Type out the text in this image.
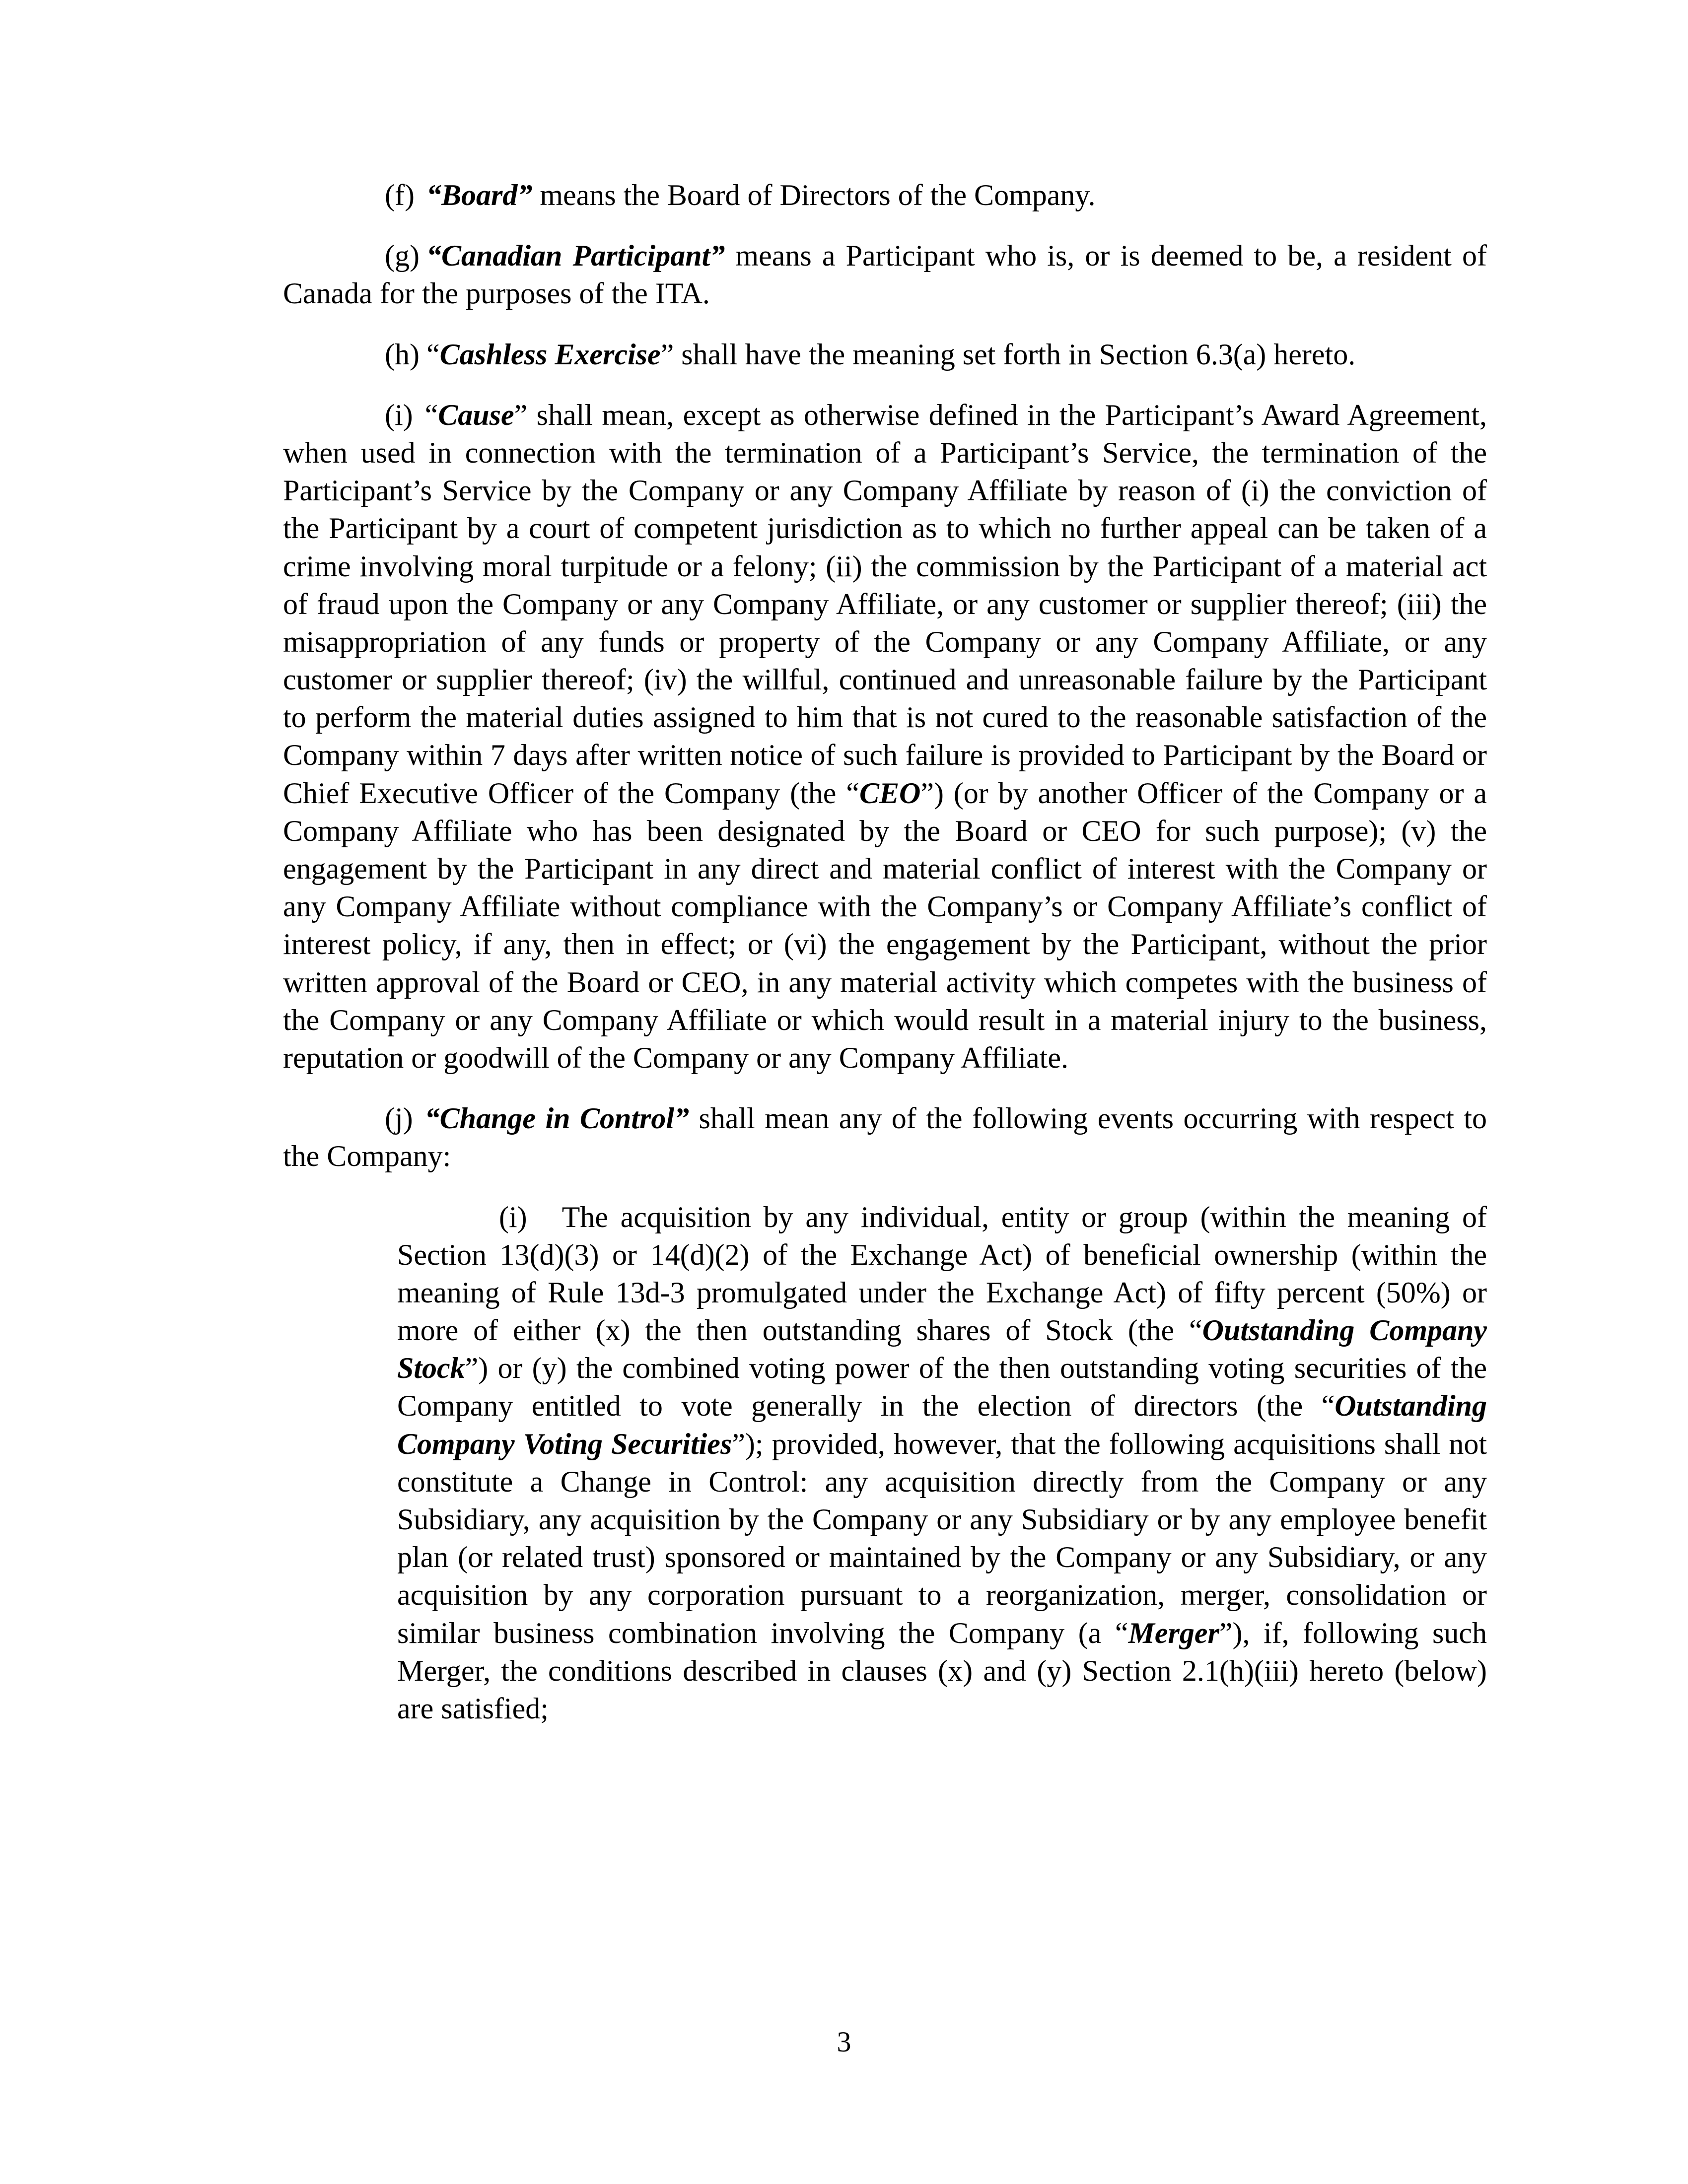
(f) “Board” means the Board of Directors of the Company.

(g) “Canadian Participant” means a Participant who is, or is deemed to be, a resident of Canada for the purposes of the ITA.

(h) “Cashless Exercise” shall have the meaning set forth in Section 6.3(a) hereto.

(i) “Cause” shall mean, except as otherwise defined in the Participant’s Award Agreement, when used in connection with the termination of a Participant’s Service, the termination of the Participant’s Service by the Company or any Company Affiliate by reason of (i) the conviction of the Participant by a court of competent jurisdiction as to which no further appeal can be taken of a crime involving moral turpitude or a felony; (ii) the commission by the Participant of a material act of fraud upon the Company or any Company Affiliate, or any customer or supplier thereof; (iii) the misappropriation of any funds or property of the Company or any Company Affiliate, or any customer or supplier thereof; (iv) the willful, continued and unreasonable failure by the Participant to perform the material duties assigned to him that is not cured to the reasonable satisfaction of the Company within 7 days after written notice of such failure is provided to Participant by the Board or Chief Executive Officer of the Company (the “CEO”) (or by another Officer of the Company or a Company Affiliate who has been designated by the Board or CEO for such purpose); (v) the engagement by the Participant in any direct and material conflict of interest with the Company or any Company Affiliate without compliance with the Company’s or Company Affiliate’s conflict of interest policy, if any, then in effect; or (vi) the engagement by the Participant, without the prior written approval of the Board or CEO, in any material activity which competes with the business of the Company or any Company Affiliate or which would result in a material injury to the business, reputation or goodwill of the Company or any Company Affiliate.

(j) “Change in Control” shall mean any of the following events occurring with respect to the Company:

(i) The acquisition by any individual, entity or group (within the meaning of Section 13(d)(3) or 14(d)(2) of the Exchange Act) of beneficial ownership (within the meaning of Rule 13d-3 promulgated under the Exchange Act) of fifty percent (50%) or more of either (x) the then outstanding shares of Stock (the “Outstanding Company Stock”) or (y) the combined voting power of the then outstanding voting securities of the Company entitled to vote generally in the election of directors (the “Outstanding Company Voting Securities”); provided, however, that the following acquisitions shall not constitute a Change in Control: any acquisition directly from the Company or any Subsidiary, any acquisition by the Company or any Subsidiary or by any employee benefit plan (or related trust) sponsored or maintained by the Company or any Subsidiary, or any acquisition by any corporation pursuant to a reorganization, merger, consolidation or similar business combination involving the Company (a “Merger”), if, following such Merger, the conditions described in clauses (x) and (y) Section 2.1(h)(iii) hereto (below) are satisfied;

3
